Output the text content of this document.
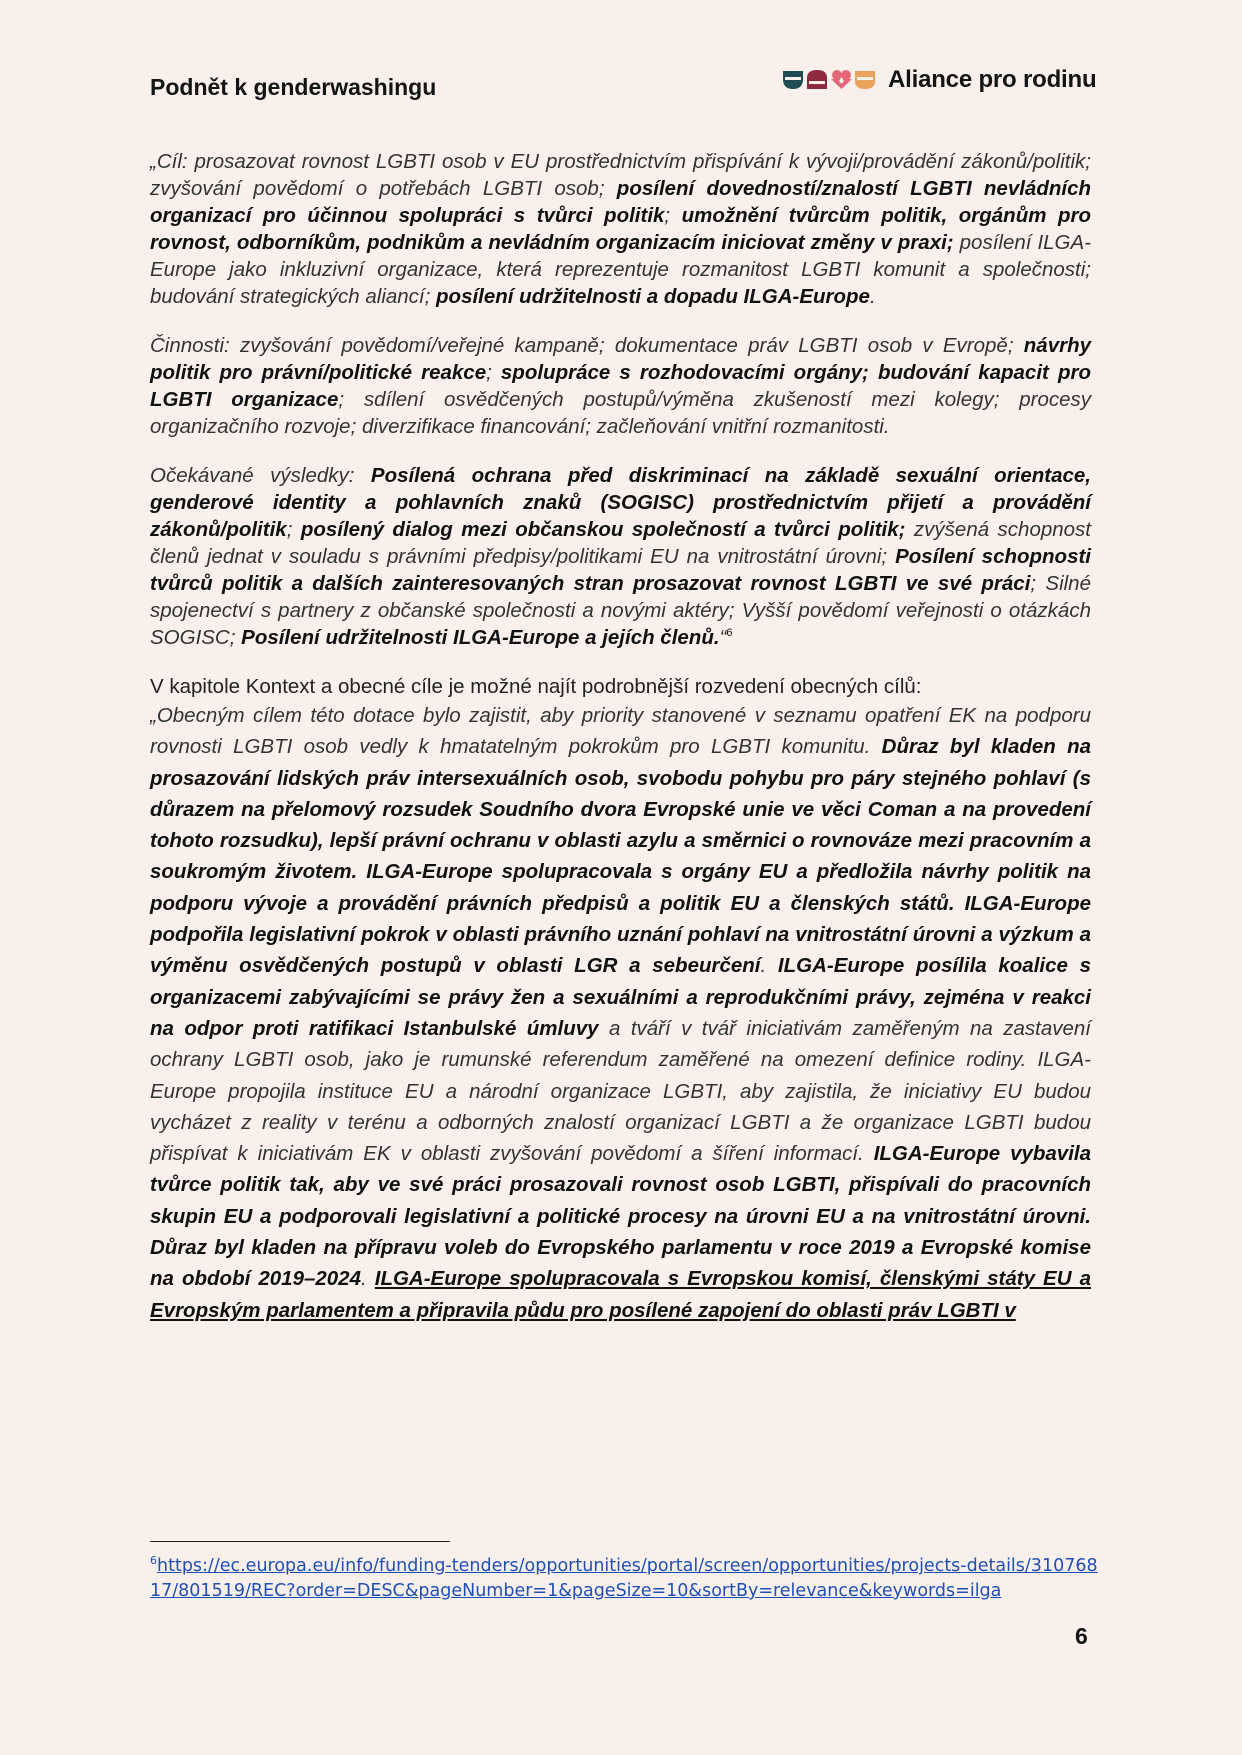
Podnět k genderwashingu	Aliance pro rodinu

„Cíl: prosazovat rovnost LGBTI osob v EU prostřednictvím přispívání k vývoji/provádění zákonů/politik; zvyšování povědomí o potřebách LGBTI osob; posílení dovedností/znalostí LGBTI nevládních organizací pro účinnou spolupráci s tvůrci politik; umožnění tvůrcům politik, orgánům pro rovnost, odborníkům, podnikům a nevládním organizacím iniciovat změny v praxi; posílení ILGA-Europe jako inkluzivní organizace, která reprezentuje rozmanitost LGBTI komunit a společnosti; budování strategických aliancí; posílení udržitelnosti a dopadu ILGA-Europe.

Činnosti: zvyšování povědomí/veřejné kampaně; dokumentace práv LGBTI osob v Evropě; návrhy politik pro právní/politické reakce; spolupráce s rozhodovacími orgány; budování kapacit pro LGBTI organizace; sdílení osvědčených postupů/výměna zkušeností mezi kolegy; procesy organizačního rozvoje; diverzifikace financování; začleňování vnitřní rozmanitosti.

Očekávané výsledky: Posílená ochrana před diskriminací na základě sexuální orientace, genderové identity a pohlavních znaků (SOGISC) prostřednictvím přijetí a provádění zákonů/politik; posílený dialog mezi občanskou společností a tvůrci politik; zvýšená schopnost členů jednat v souladu s právními předpisy/politikami EU na vnitrostátní úrovni; Posílení schopnosti tvůrců politik a dalších zainteresovaných stran prosazovat rovnost LGBTI ve své práci; Silné spojenectví s partnery z občanské společnosti a novými aktéry; Vyšší povědomí veřejnosti o otázkách SOGISC; Posílení udržitelnosti ILGA-Europe a jejích členů.“$^6$

V kapitole Kontext a obecné cíle je možné najít podrobnější rozvedení obecných cílů:
„Obecným cílem této dotace bylo zajistit, aby priority stanovené v seznamu opatření EK na podporu rovnosti LGBTI osob vedly k hmatatelným pokrokům pro LGBTI komunitu. Důraz byl kladen na prosazování lidských práv intersexuálních osob, svobodu pohybu pro páry stejného pohlaví (s důrazem na přelomový rozsudek Soudního dvora Evropské unie ve věci Coman a na provedení tohoto rozsudku), lepší právní ochranu v oblasti azylu a směrnici o rovnováze mezi pracovním a soukromým životem. ILGA-Europe spolupracovala s orgány EU a předložila návrhy politik na podporu vývoje a provádění právních předpisů a politik EU a členských států. ILGA-Europe podpořila legislativní pokrok v oblasti právního uznání pohlaví na vnitrostátní úrovni a výzkum a výměnu osvědčených postupů v oblasti LGR a sebeurčení. ILGA-Europe posílila koalice s organizacemi zabývajícími se právy žen a sexuálními a reprodukčními právy, zejména v reakci na odpor proti ratifikaci Istanbulské úmluvy a tváří v tvář iniciativám zaměřeným na zastavení ochrany LGBTI osob, jako je rumunské referendum zaměřené na omezení definice rodiny. ILGA-Europe propojila instituce EU a národní organizace LGBTI, aby zajistila, že iniciativy EU budou vycházet z reality v terénu a odborných znalostí organizací LGBTI a že organizace LGBTI budou přispívat k iniciativám EK v oblasti zvyšování povědomí a šíření informací. ILGA-Europe vybavila tvůrce politik tak, aby ve své práci prosazovali rovnost osob LGBTI, přispívali do pracovních skupin EU a podporovali legislativní a politické procesy na úrovni EU a na vnitrostátní úrovni. Důraz byl kladen na přípravu voleb do Evropského parlamentu v roce 2019 a Evropské komise na období 2019–2024. ILGA-Europe spolupracovala s Evropskou komisí, členskými státy EU a Evropským parlamentem a připravila půdu pro posílené zapojení do oblasti práv LGBTI v

$^6$https://ec.europa.eu/info/funding-tenders/opportunities/portal/screen/opportunities/projects-details/31076817/801519/REC?order=DESC&pageNumber=1&pageSize=10&sortBy=relevance&keywords=ilga
6
